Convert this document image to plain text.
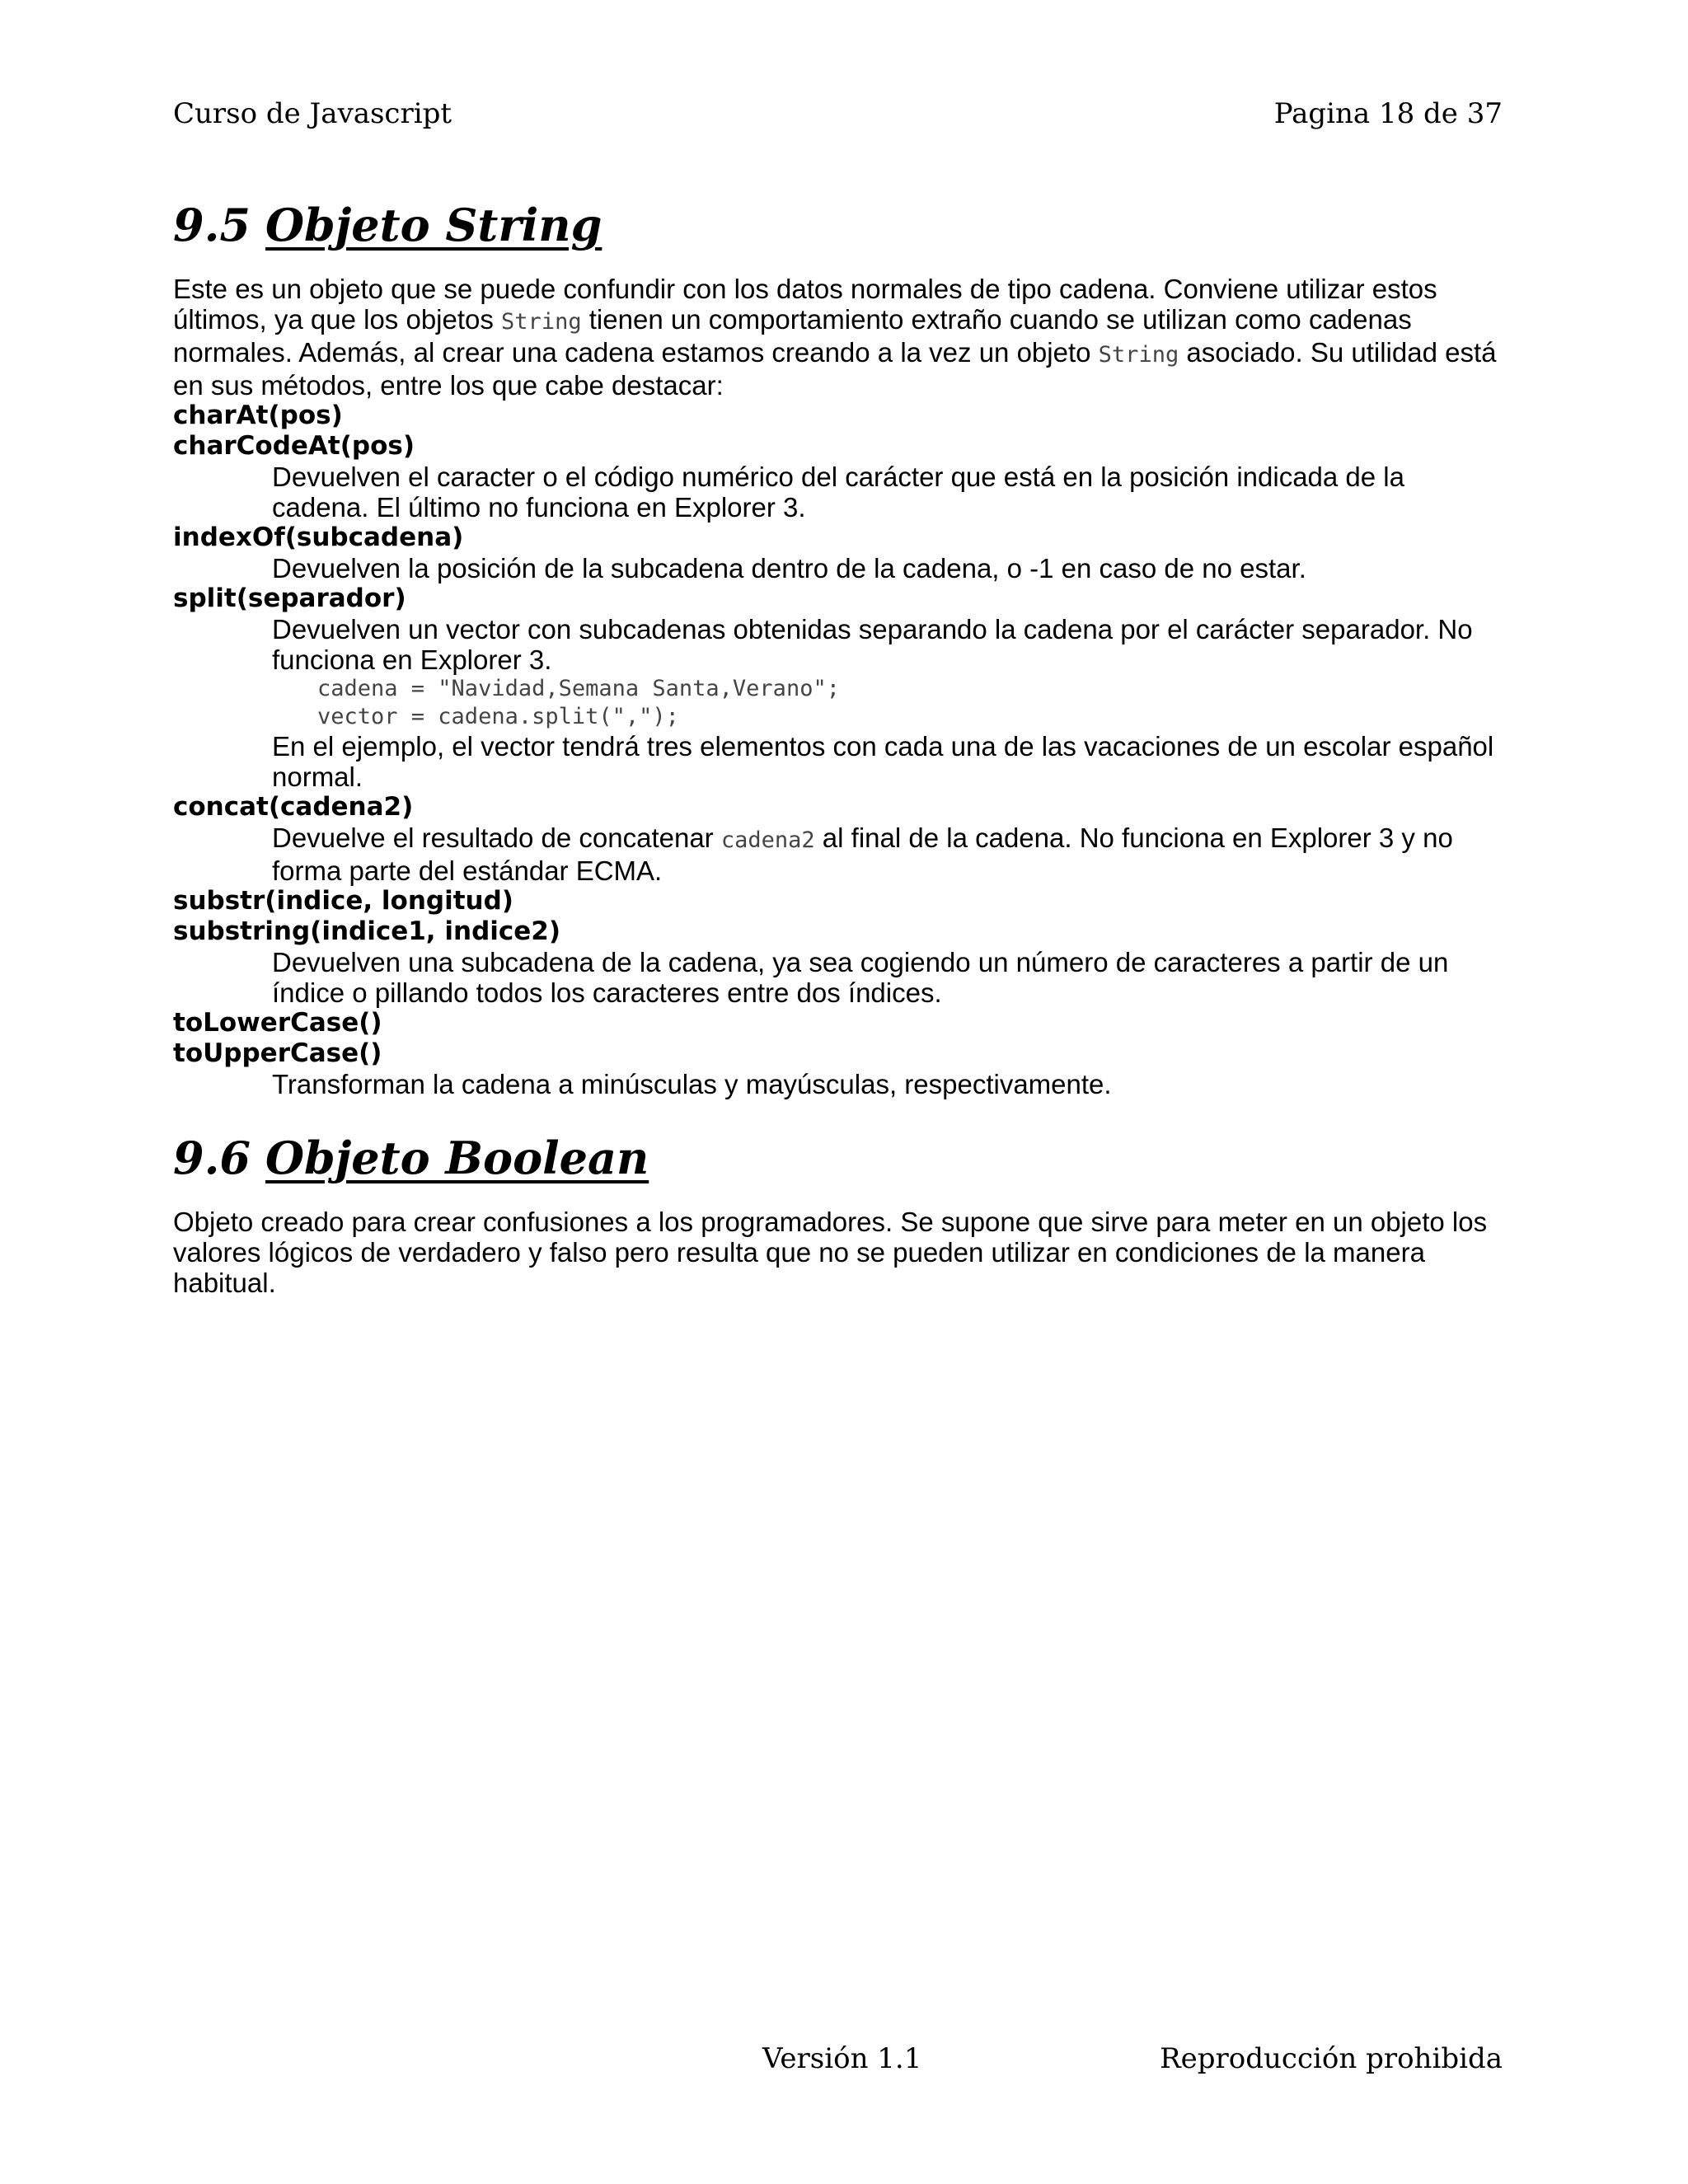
Curso de Javascript	Pagina 18 de 37
9.5 Objeto String

Este es un objeto que se puede confundir con los datos normales de tipo cadena. Conviene utilizar estos últimos, ya que los objetos String tienen un comportamiento extraño cuando se utilizan como cadenas normales. Además, al crear una cadena estamos creando a la vez un objeto String asociado. Su utilidad está en sus métodos, entre los que cabe destacar:

charAt(pos)
charCodeAt(pos)
Devuelven el caracter o el código numérico del carácter que está en la posición indicada de la cadena. El último no funciona en Explorer 3.
indexOf(subcadena)
Devuelven la posición de la subcadena dentro de la cadena, o -1 en caso de no estar.
split(separador)
Devuelven un vector con subcadenas obtenidas separando la cadena por el carácter separador. No funciona en Explorer 3.
cadena = "Navidad,Semana Santa,Verano";
vector = cadena.split(",");
En el ejemplo, el vector tendrá tres elementos con cada una de las vacaciones de un escolar español normal.
concat(cadena2)
Devuelve el resultado de concatenar cadena2 al final de la cadena. No funciona en Explorer 3 y no forma parte del estándar ECMA.
substr(indice, longitud)
substring(indice1, indice2)
Devuelven una subcadena de la cadena, ya sea cogiendo un número de caracteres a partir de un índice o pillando todos los caracteres entre dos índices.
toLowerCase()
toUpperCase()
Transforman la cadena a minúsculas y mayúsculas, respectivamente.
9.6 Objeto Boolean

Objeto creado para crear confusiones a los programadores. Se supone que sirve para meter en un objeto los valores lógicos de verdadero y falso pero resulta que no se pueden utilizar en condiciones de la manera habitual.

Versión 1.1	Reproducción prohibida
